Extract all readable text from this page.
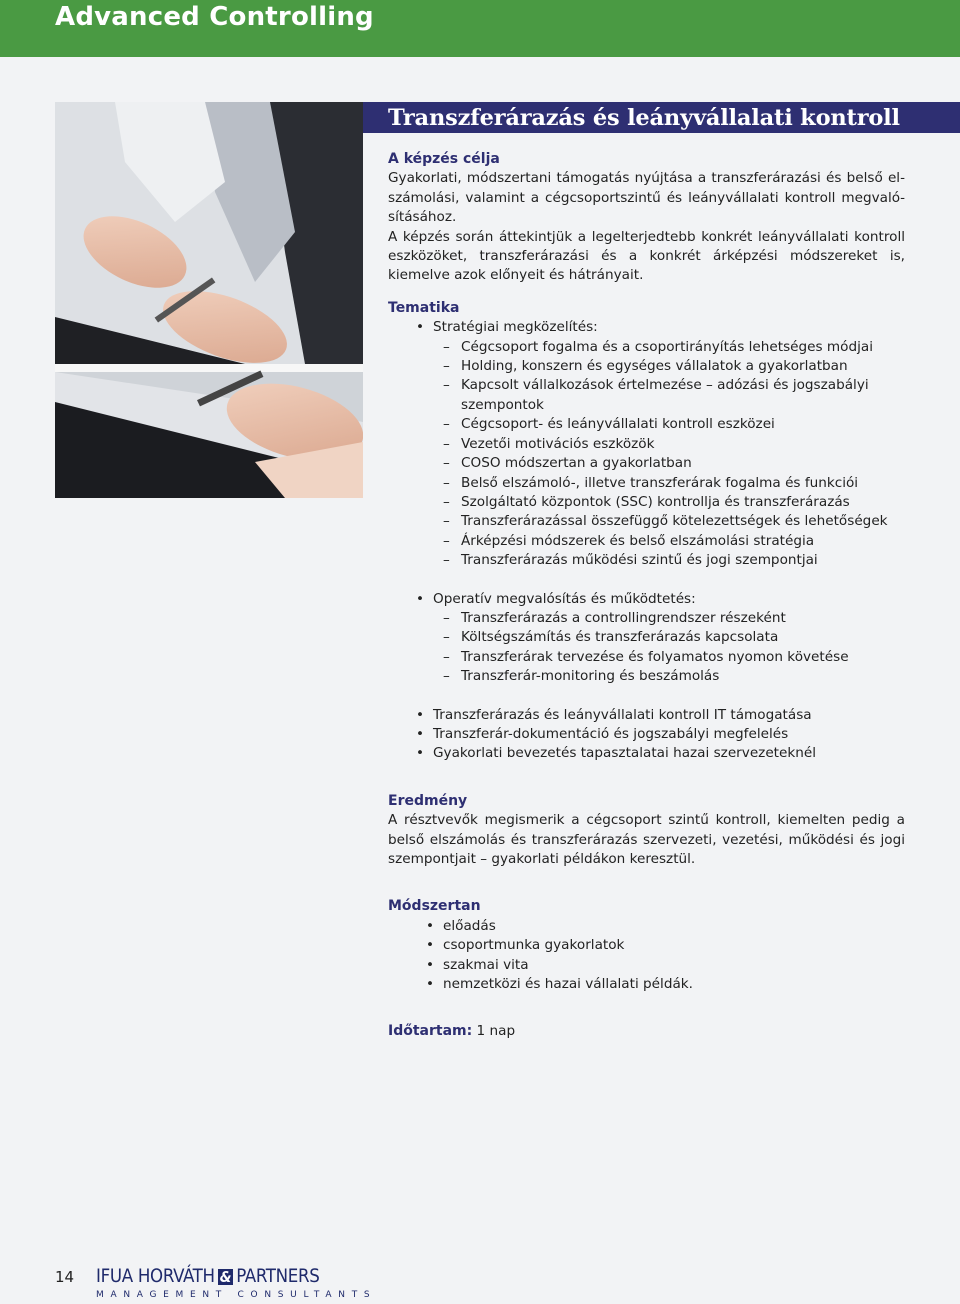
Advanced Controlling
Transzferárazás és leányvállalati kontroll

A képzés célja

Gyakorlati, módszertani támogatás nyújtása a transzferárazási és belső elszámolási, valamint a cégcsoportszintű és leányvállalati kontroll megvalósításához.

A képzés során áttekintjük a legelterjedtebb konkrét leányvállalati kontroll eszközöket, transzferárazási és a konkrét árképzési módszereket is, kiemelve azok előnyeit és hátrányait.

Tematika

• Stratégiai megközelítés:
– Cégcsoport fogalma és a csoportirányítás lehetséges módjai
– Holding, konszern és egységes vállalatok a gyakorlatban
– Kapcsolt vállalkozások értelmezése – adózási és jogszabályi szempontok
– Cégcsoport- és leányvállalati kontroll eszközei
– Vezetői motivációs eszközök
– COSO módszertan a gyakorlatban
– Belső elszámoló-, illetve transzferárak fogalma és funkciói
– Szolgáltató központok (SSC) kontrollja és transzferárazás
– Transzferárazással összefüggő kötelezettségek és lehetőségek
– Árképzési módszerek és belső elszámolási stratégia
– Transzferárazás működési szintű és jogi szempontjai
• Operatív megvalósítás és működtetés:
– Transzferárazás a controllingrendszer részeként
– Költségszámítás és transzferárazás kapcsolata
– Transzferárak tervezése és folyamatos nyomon követése
– Transzferár-monitoring és beszámolás
• Transzferárazás és leányvállalati kontroll IT támogatása
• Transzferár-dokumentáció és jogszabályi megfelelés
• Gyakorlati bevezetés tapasztalatai hazai szervezeteknél

Eredmény

A résztvevők megismerik a cégcsoport szintű kontroll, kiemelten pedig a belső elszámolás és transzferárazás szervezeti, vezetési, működési és jogi szempontjait – gyakorlati példákon keresztül.

Módszertan

• előadás
• csoportmunka gyakorlatok
• szakmai vita
• nemzetközi és hazai vállalati példák.

Időtartam: 1 nap

14 IFUA HORVÁTH & PARTNERS
MANAGEMENT CONSULTANTS
